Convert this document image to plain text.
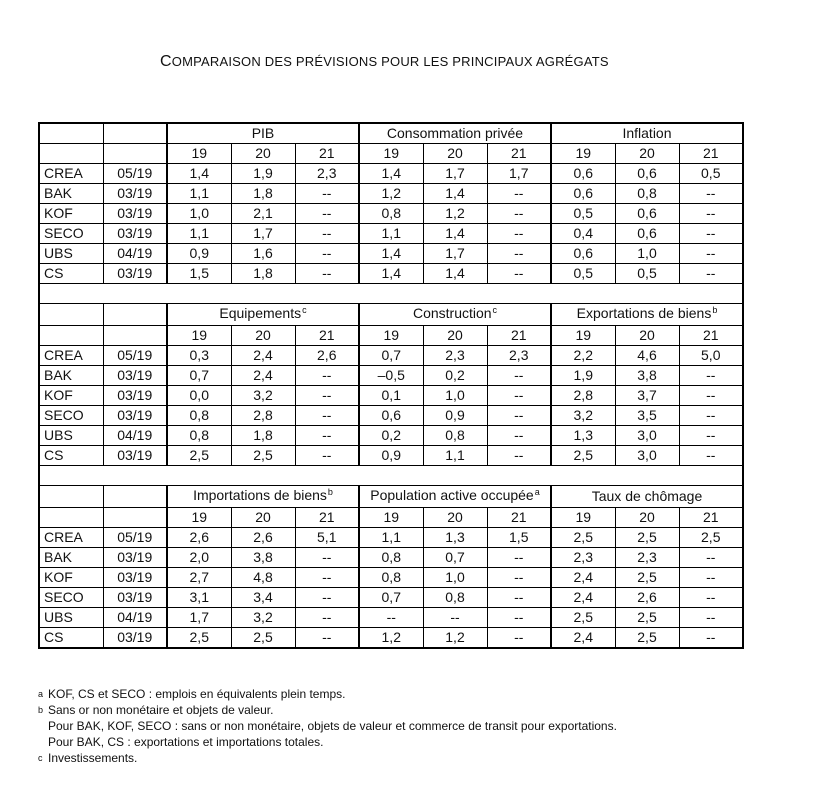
COMPARAISON DES PRÉVISIONS POUR LES PRINCIPAUX AGRÉGATS
		PIB			Consommation privée			Inflation		
		19	20	21	19	20	21	19	20	21
CREA	05/19	1,4	1,9	2,3	1,4	1,7	1,7	0,6	0,6	0,5
BAK	03/19	1,1	1,8	--	1,2	1,4	--	0,6	0,8	--
KOF	03/19	1,0	2,1	--	0,8	1,2	--	0,5	0,6	--
SECO	03/19	1,1	1,7	--	1,1	1,4	--	0,4	0,6	--
UBS	04/19	0,9	1,6	--	1,4	1,7	--	0,6	1,0	--
CS	03/19	1,5	1,8	--	1,4	1,4	--	0,5	0,5	--

		Equipements$^c$			Construction$^c$			Exportations de biens$^b$
		19	20	21	19	20	21	19	20	21
CREA	05/19	0,3	2,4	2,6	0,7	2,3	2,3	2,2	4,6	5,0
BAK	03/19	0,7	2,4	--	–0,5	0,2	--	1,9	3,8	--
KOF	03/19	0,0	3,2	--	0,1	1,0	--	2,8	3,7	--
SECO	03/19	0,8	2,8	--	0,6	0,9	--	3,2	3,5	--
UBS	04/19	0,8	1,8	--	0,2	0,8	--	1,3	3,0	--
CS	03/19	2,5	2,5	--	0,9	1,1	--	2,5	3,0	--

		Importations de biens$^b$			Population active occupée$^a$			Taux de chômage		
		19	20	21	19	20	21	19	20	21
CREA	05/19	2,6	2,6	5,1	1,1	1,3	1,5	2,5	2,5	2,5
BAK	03/19	2,0	3,8	--	0,8	0,7	--	2,3	2,3	--
KOF	03/19	2,7	4,8	--	0,8	1,0	--	2,4	2,5	--
SECO	03/19	3,1	3,4	--	0,7	0,8	--	2,4	2,6	--
UBS	04/19	1,7	3,2	--	--	--	--	2,5	2,5	--
CS	03/19	2,5	2,5	--	1,2	1,2	--	2,4	2,5	--
a KOF, CS et SECO : emplois en équivalents plein temps.
b Sans or non monétaire et objets de valeur.
Pour BAK, KOF, SECO : sans or non monétaire, objets de valeur et commerce de transit pour exportations.
Pour BAK, CS : exportations et importations totales.
c Investissements.
